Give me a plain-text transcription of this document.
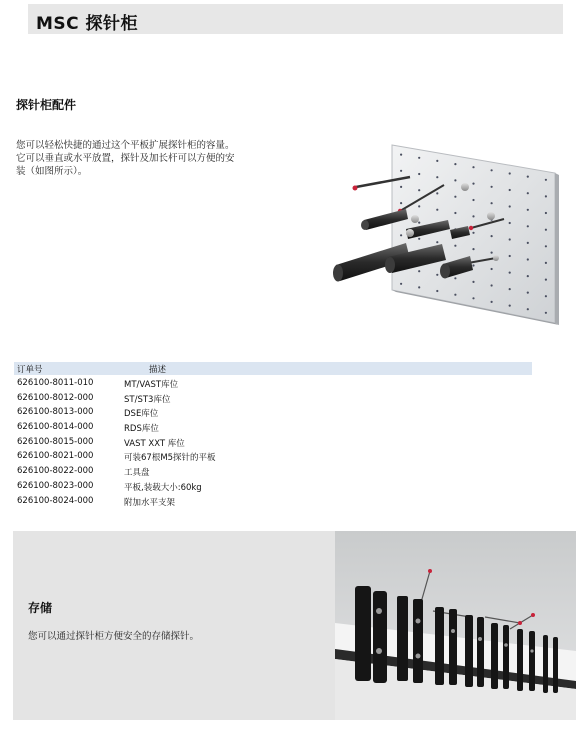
MSC 探针柜
探针柜配件
您可以轻松快捷的通过这个平板扩展探针柜的容量。
它可以垂直或水平放置，探针及加长杆可以方便的安
装（如图所示）。
订单号	描述
626100-8011-010	MT/VAST库位
626100-8012-000	ST/ST3库位
626100-8013-000	DSE库位
626100-8014-000	RDS库位
626100-8015-000	VAST XXT 库位
626100-8021-000	可装67根M5探针的平板
626100-8022-000	工具盘
626100-8023-000	平板,装载大小:60kg
626100-8024-000	附加水平支架
存储
您可以通过探针柜方便安全的存储探针。
